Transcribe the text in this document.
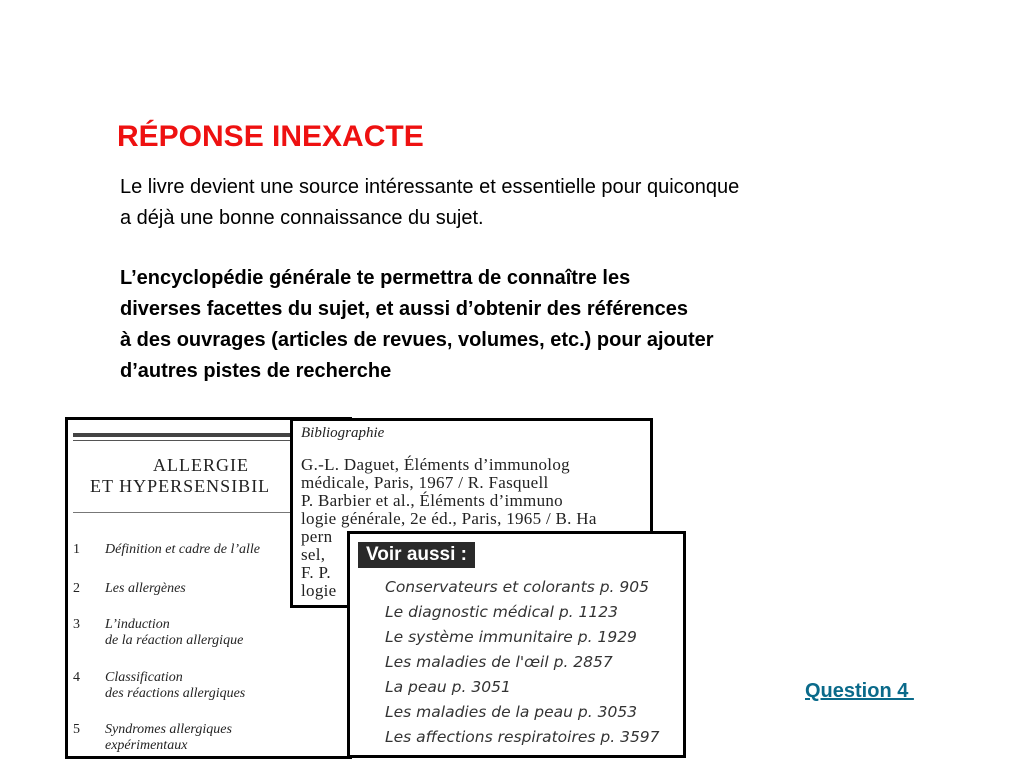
RÉPONSE INEXACTE

Le livre devient une source intéressante et essentielle pour quiconque
a déjà une bonne connaissance du sujet.

L’encyclopédie générale te permettra de connaître les
diverses facettes du sujet, et aussi d’obtenir des références
à des ouvrages (articles de revues, volumes, etc.) pour ajouter
d’autres pistes de recherche

ALLERGIE
ET HYPERSENSIBIL
1	Définition et cadre de l’alle
2	Les allergènes
3	L’induction
de la réaction allergique
4	Classification
des réactions allergiques
5	Syndromes allergiques
expérimentaux
Bibliographie
G.-L. Daguet, Éléments d’immunolog
médicale, Paris, 1967 / R. Fasquell
P. Barbier et al., Éléments d’immuno
logie générale, 2e éd., Paris, 1965 / B. Ha
pern
sel,
F. P.
logie
Voir aussi :
Conservateurs et colorants p. 905
Le diagnostic médical p. 1123
Le système immunitaire p. 1929
Les maladies de l'œil p. 2857
La peau p. 3051
Les maladies de la peau p. 3053
Les affections respiratoires p. 3597
Question 4
